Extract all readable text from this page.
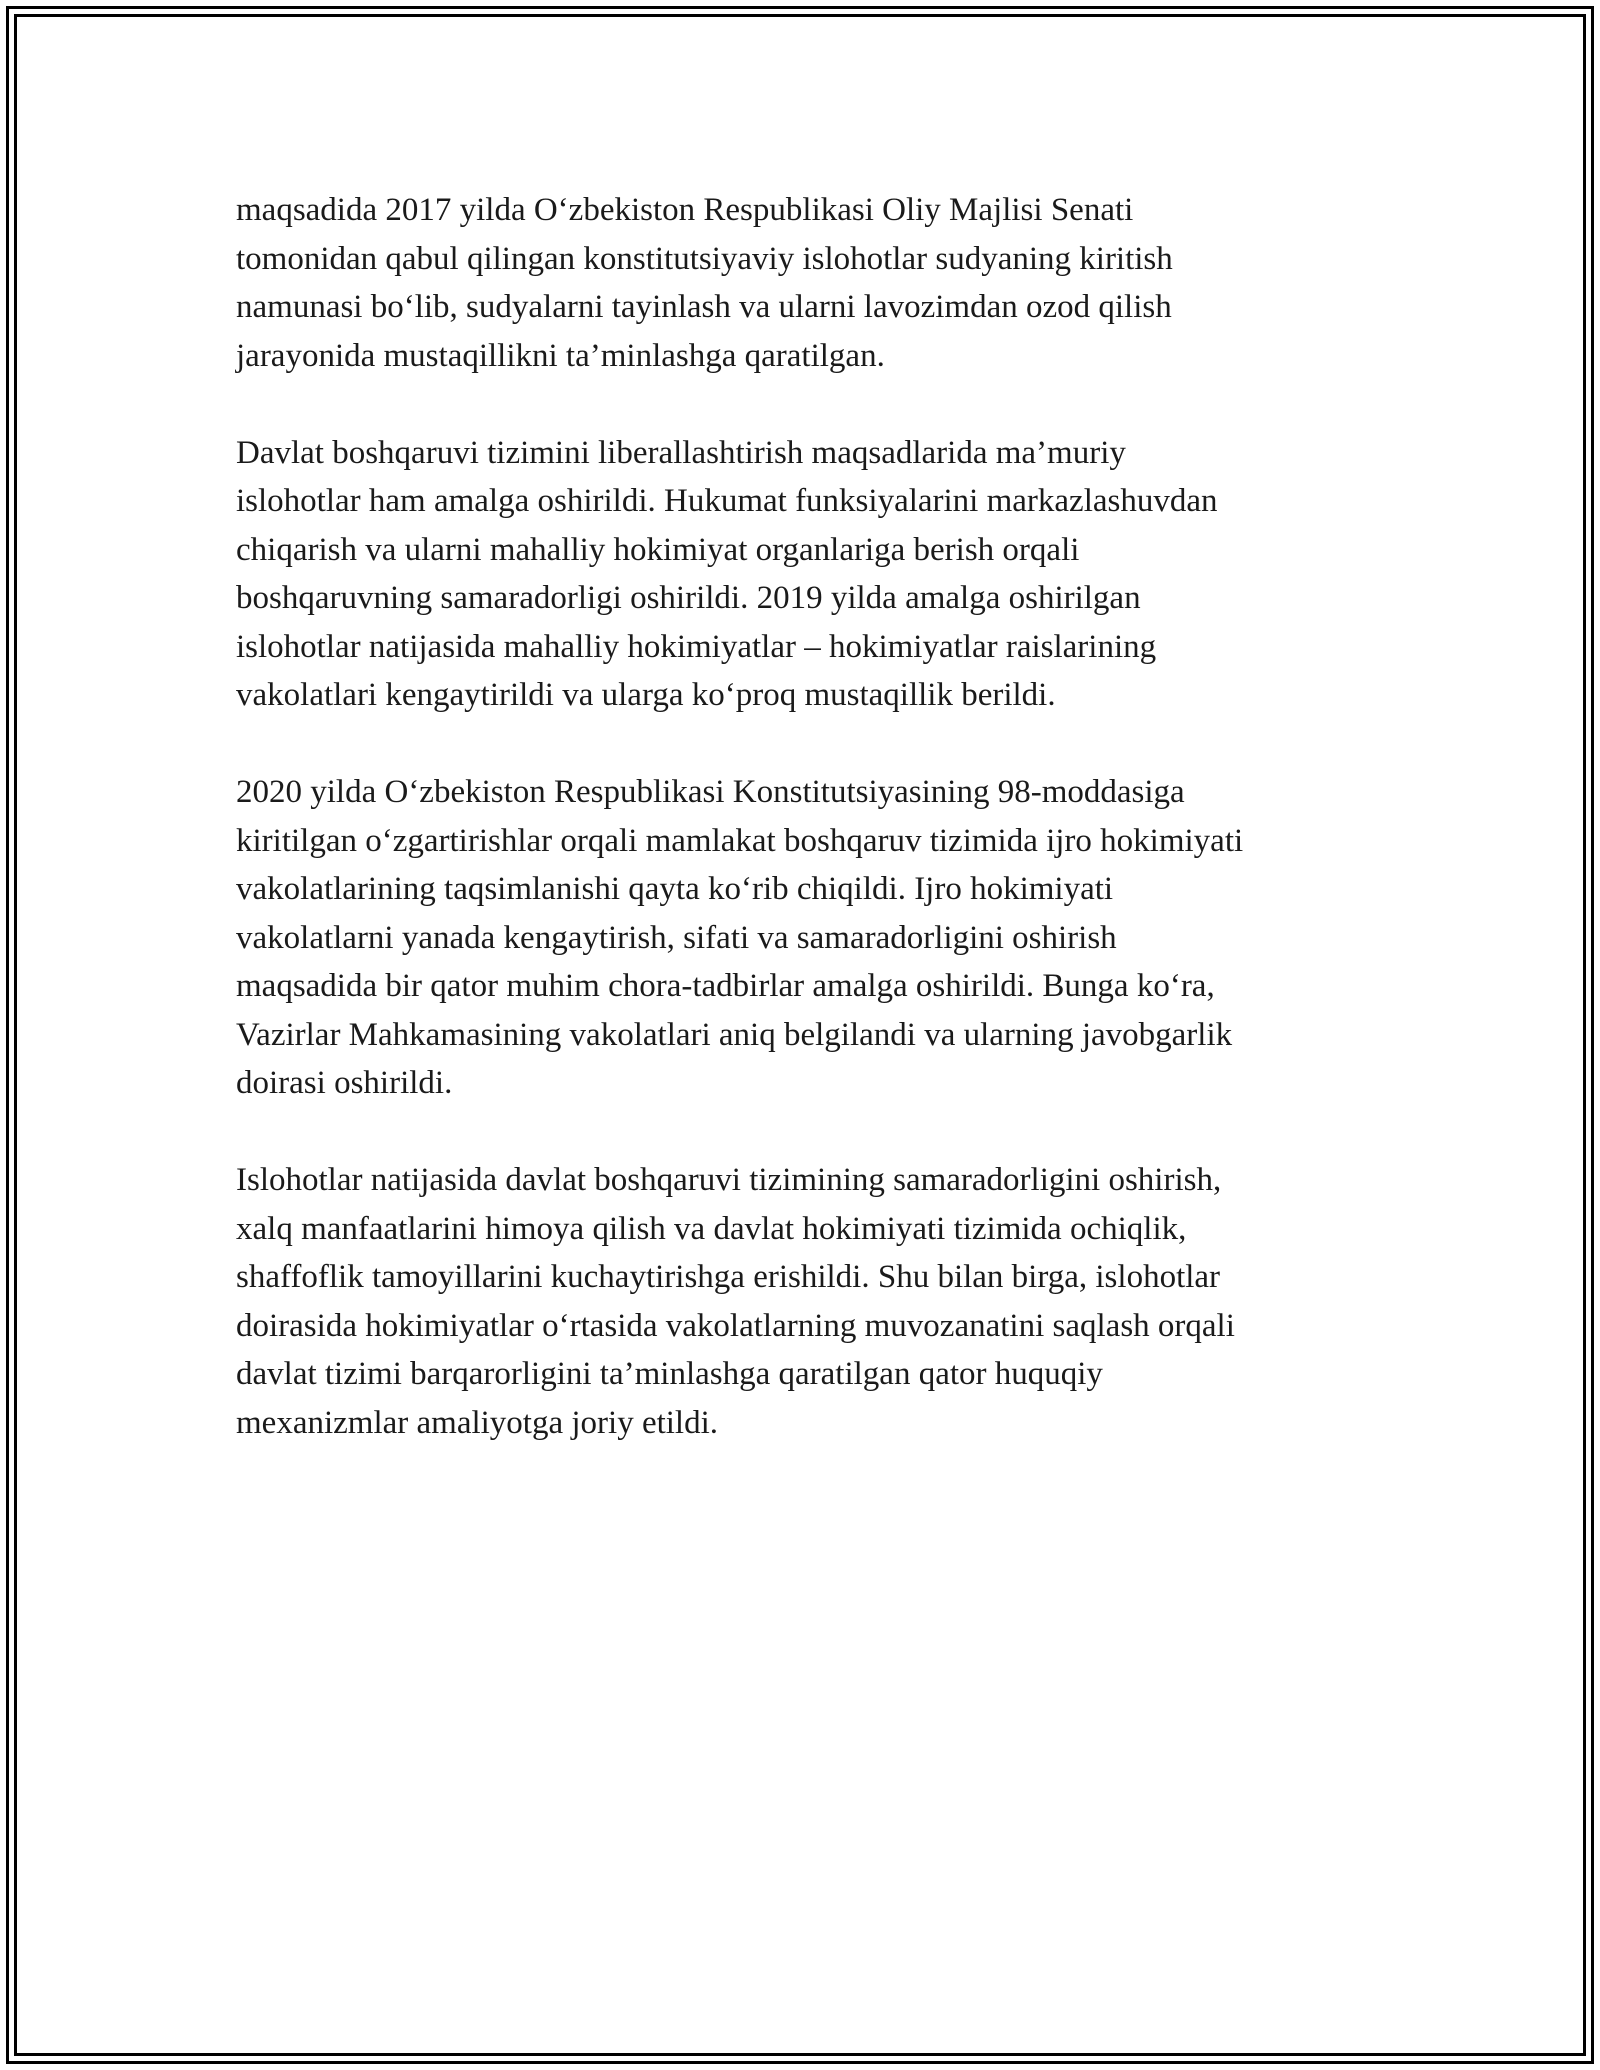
maqsadida 2017 yilda O‘zbekiston Respublikasi Oliy Majlisi Senati
tomonidan qabul qilingan konstitutsiyaviy islohotlar sudyaning kiritish
namunasi bo‘lib, sudyalarni tayinlash va ularni lavozimdan ozod qilish
jarayonida mustaqillikni ta’minlashga qaratilgan.

Davlat boshqaruvi tizimini liberallashtirish maqsadlarida ma’muriy
islohotlar ham amalga oshirildi. Hukumat funksiyalarini markazlashuvdan
chiqarish va ularni mahalliy hokimiyat organlariga berish orqali
boshqaruvning samaradorligi oshirildi. 2019 yilda amalga oshirilgan
islohotlar natijasida mahalliy hokimiyatlar – hokimiyatlar raislarining
vakolatlari kengaytirildi va ularga ko‘proq mustaqillik berildi.

2020 yilda O‘zbekiston Respublikasi Konstitutsiyasining 98-moddasiga
kiritilgan o‘zgartirishlar orqali mamlakat boshqaruv tizimida ijro hokimiyati
vakolatlarining taqsimlanishi qayta ko‘rib chiqildi. Ijro hokimiyati
vakolatlarni yanada kengaytirish, sifati va samaradorligini oshirish
maqsadida bir qator muhim chora-tadbirlar amalga oshirildi. Bunga ko‘ra,
Vazirlar Mahkamasining vakolatlari aniq belgilandi va ularning javobgarlik
doirasi oshirildi.

Islohotlar natijasida davlat boshqaruvi tizimining samaradorligini oshirish,
xalq manfaatlarini himoya qilish va davlat hokimiyati tizimida ochiqlik,
shaffoflik tamoyillarini kuchaytirishga erishildi. Shu bilan birga, islohotlar
doirasida hokimiyatlar o‘rtasida vakolatlarning muvozanatini saqlash orqali
davlat tizimi barqarorligini ta’minlashga qaratilgan qator huquqiy
mexanizmlar amaliyotga joriy etildi.
